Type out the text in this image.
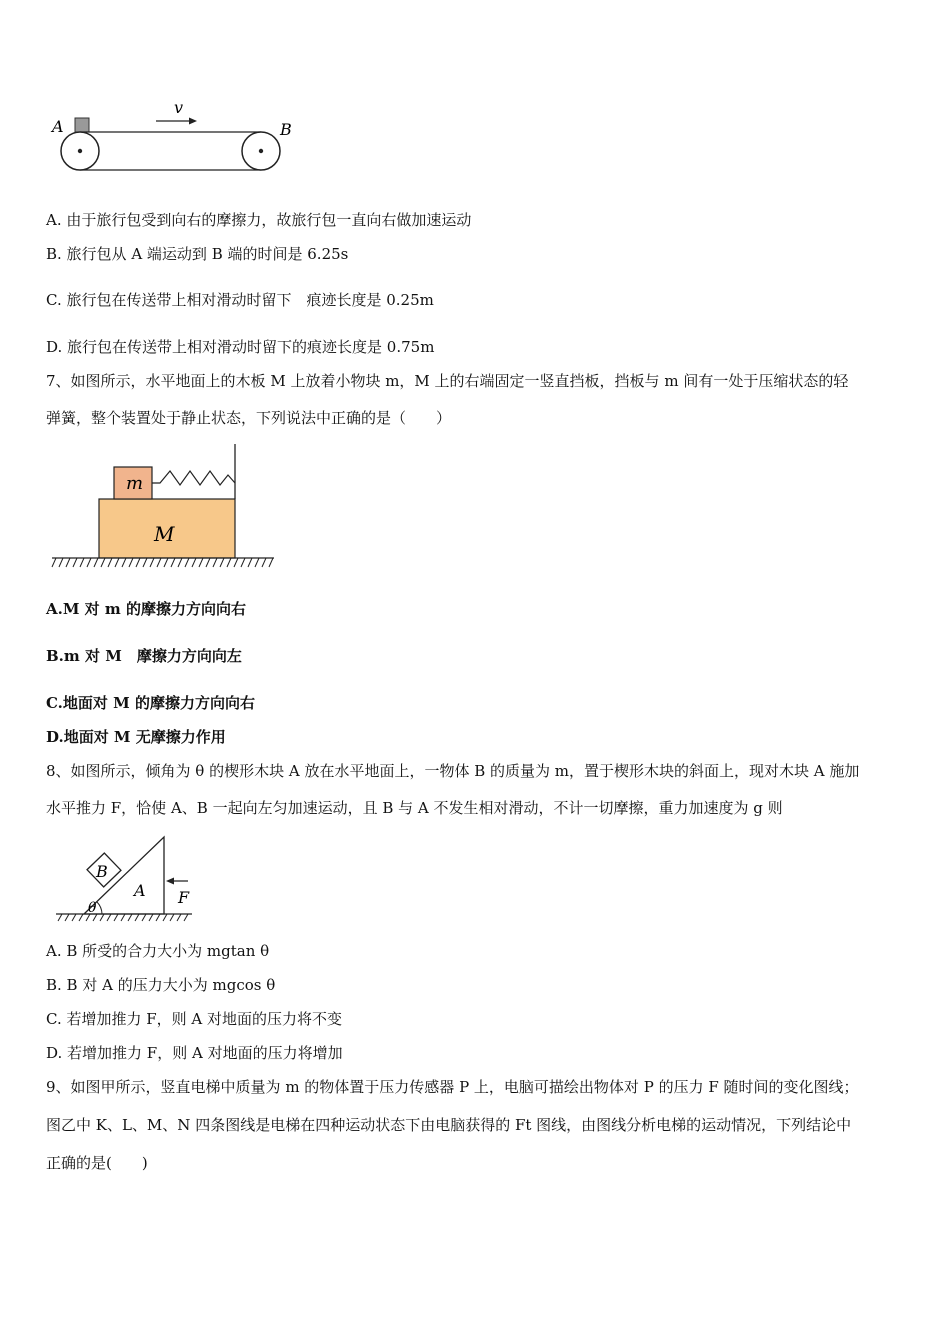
v
A	B
A. 由于旅行包受到向右的摩擦力，故旅行包一直向右做加速运动
B. 旅行包从 A 端运动到 B 端的时间是 6.25s
C. 旅行包在传送带上相对滑动时留下　痕迹长度是 0.25m
D. 旅行包在传送带上相对滑动时留下的痕迹长度是 0.75m
7、如图所示，水平地面上的木板 M 上放着小物块 m，M 上的右端固定一竖直挡板，挡板与 m 间有一处于压缩状态的轻
弹簧，整个装置处于静止状态，下列说法中正确的是（　　）
m
M
A.M 对 m 的摩擦力方向向右
B.m 对 M　摩擦力方向向左
C.地面对 M 的摩擦力方向向右
D.地面对 M 无摩擦力作用
8、如图所示，倾角为 θ 的楔形木块 A 放在水平地面上，一物体 B 的质量为 m，置于楔形木块的斜面上，现对木块 A 施加
水平推力 F，恰使 A、B 一起向左匀加速运动，且 B 与 A 不发生相对滑动，不计一切摩擦，重力加速度为 g 则
B
A F
θ
A. B 所受的合力大小为 mgtan θ
B. B 对 A 的压力大小为 mgcos θ
C. 若增加推力 F，则 A 对地面的压力将不变
D. 若增加推力 F，则 A 对地面的压力将增加
9、如图甲所示，竖直电梯中质量为 m 的物体置于压力传感器 P 上，电脑可描绘出物体对 P 的压力 F 随时间的变化图线；
图乙中 K、L、M、N 四条图线是电梯在四种运动状态下由电脑获得的 Ft 图线，由图线分析电梯的运动情况，下列结论中
正确的是(　　)
